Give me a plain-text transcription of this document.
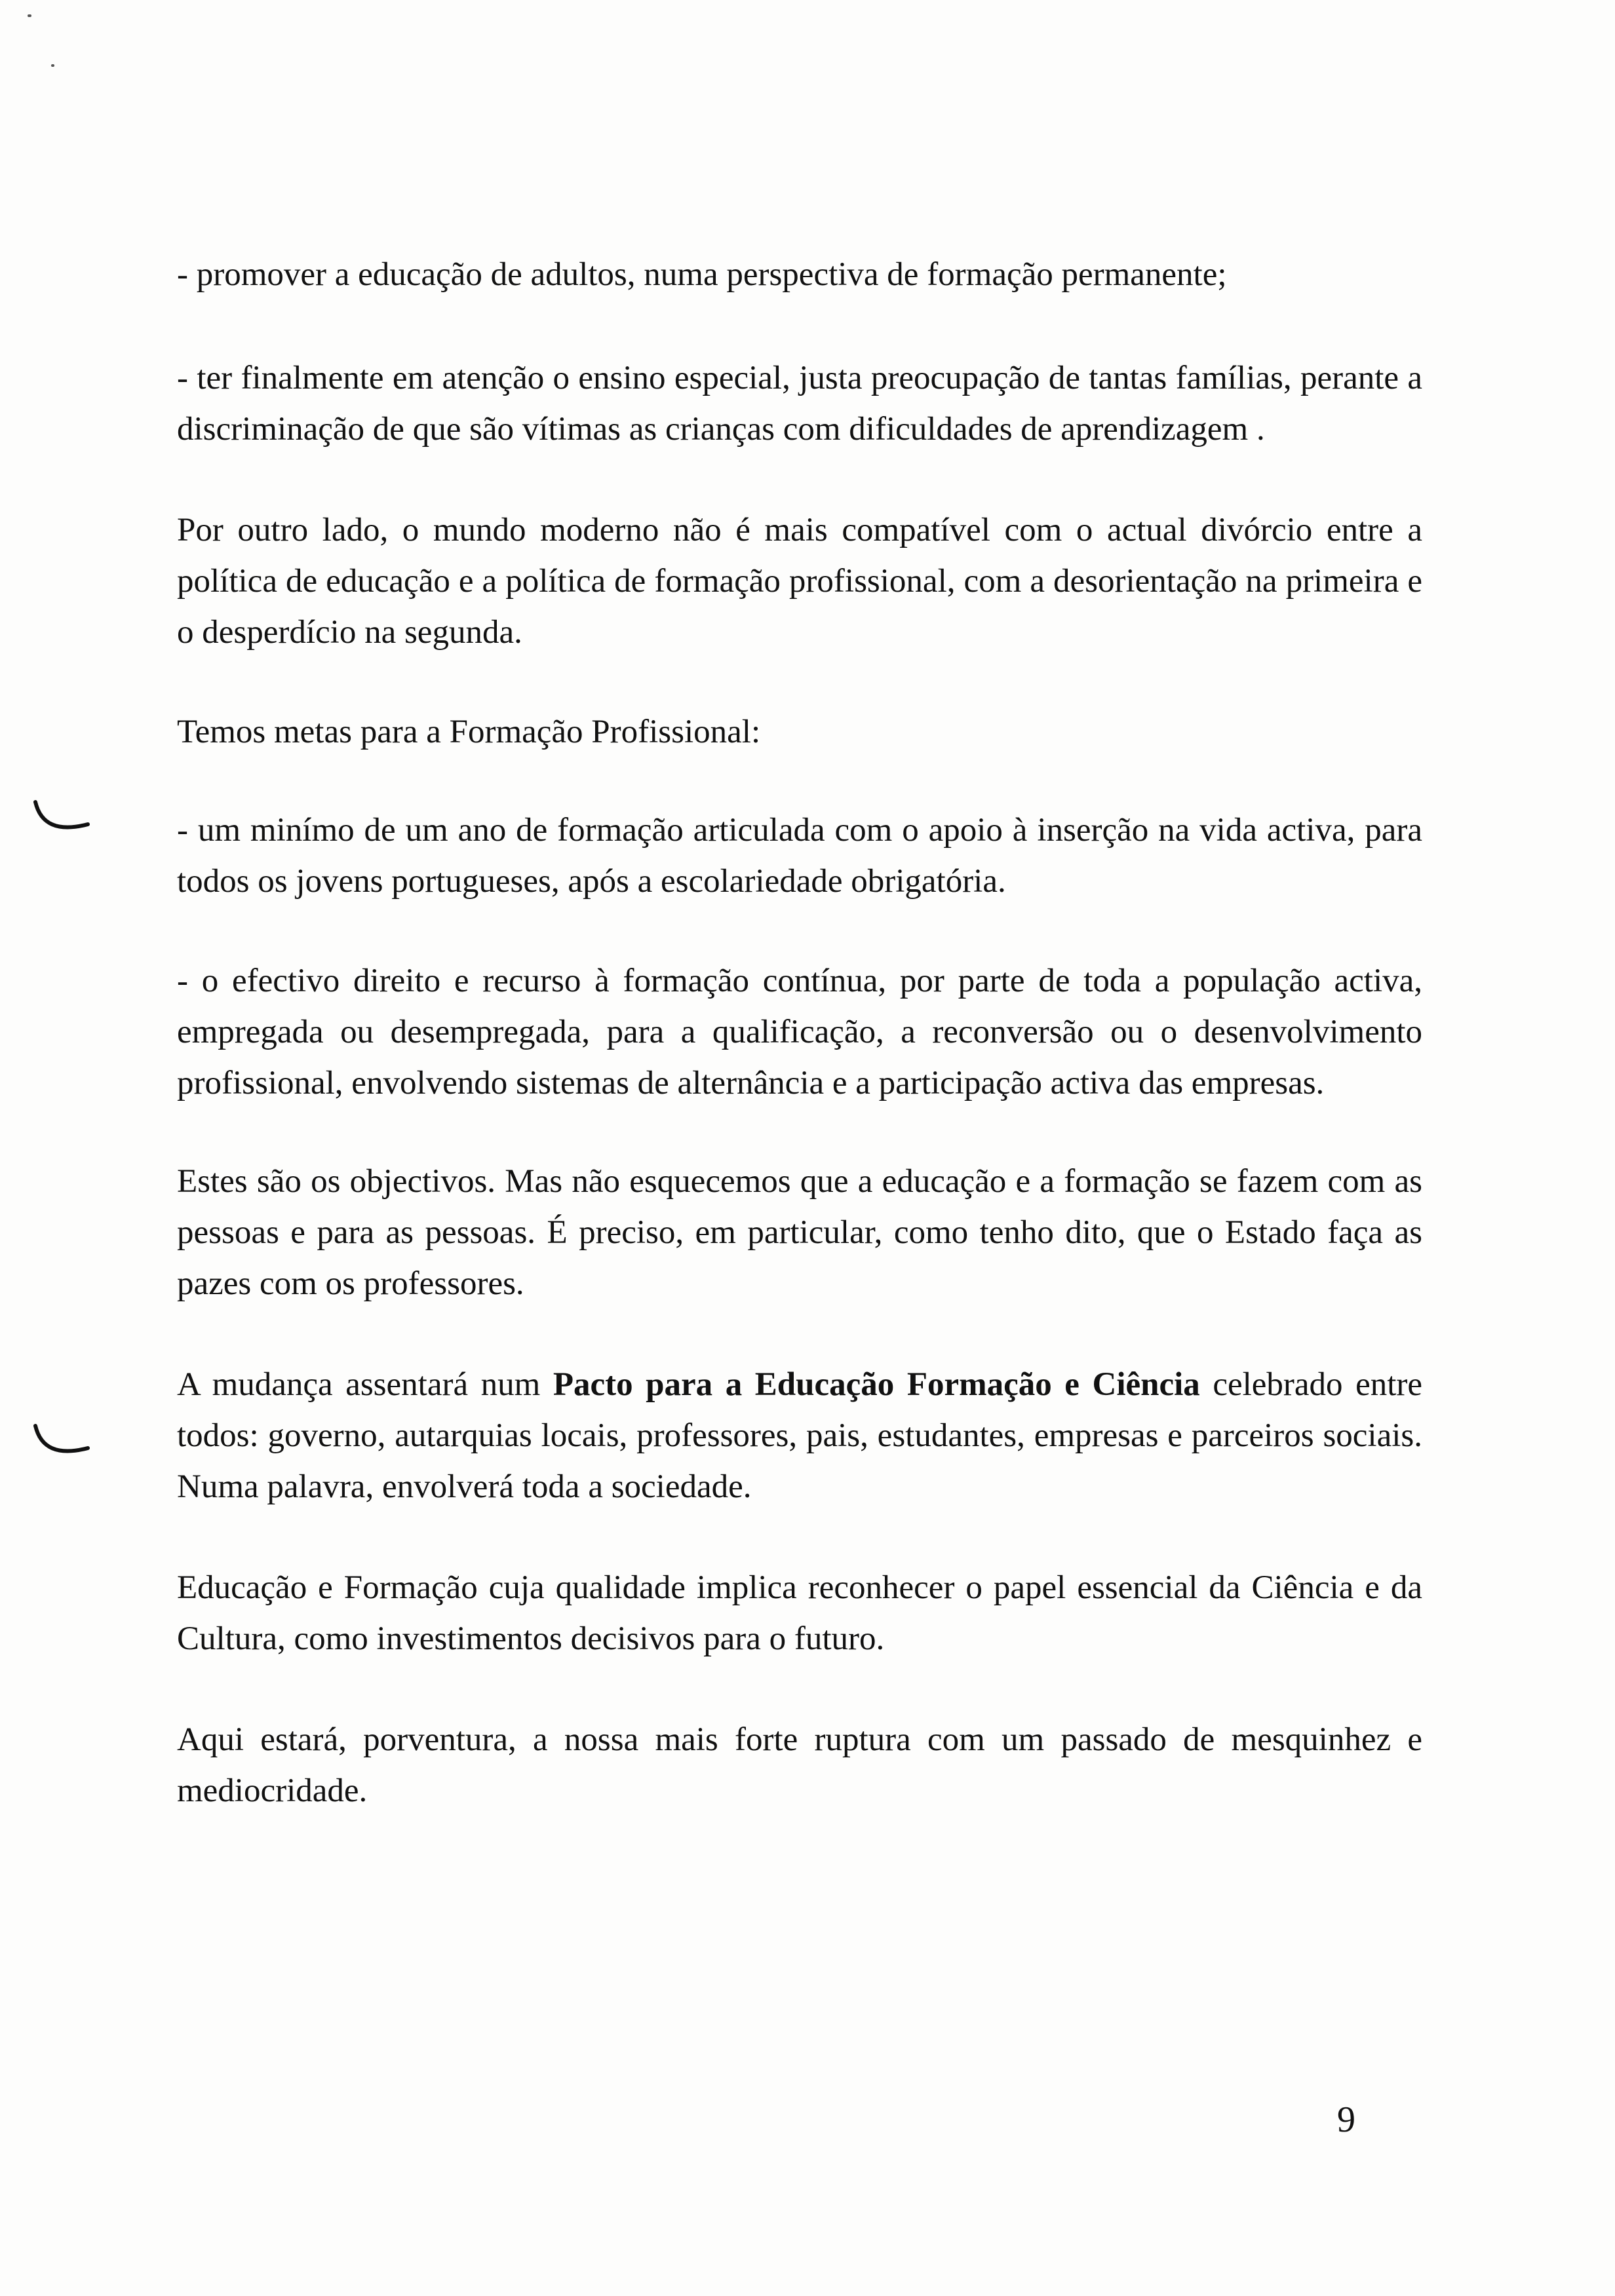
- promover a educação de adultos, numa perspectiva de formação permanente;

- ter finalmente em atenção o ensino especial, justa preocupação de tantas famílias, perante a discriminação de que são vítimas as crianças com dificuldades de aprendizagem .

Por outro lado, o mundo moderno não é mais compatível com o actual divórcio entre a política de educação e a política de formação profissional, com a desorientação na primeira e o desperdício na segunda.

Temos metas para a Formação Profissional:

- um minímo de um ano de formação articulada com o apoio à inserção na vida activa, para todos os jovens portugueses, após a escolariedade obrigatória.

- o efectivo direito e recurso à formação contínua, por parte de toda a população activa, empregada ou desempregada, para a qualificação, a reconversão ou o desenvolvimento profissional, envolvendo sistemas de alternância e a participação activa das empresas.

Estes são os objectivos. Mas não esquecemos que a educação e a formação se fazem com as pessoas e para as pessoas. É preciso, em particular, como tenho dito, que o Estado faça as pazes com os professores.

A mudança assentará num Pacto para a Educação Formação e Ciência celebrado entre todos: governo, autarquias locais, professores, pais, estudantes, empresas e parceiros sociais. Numa palavra, envolverá toda a sociedade.

Educação e Formação cuja qualidade implica reconhecer o papel essencial da Ciência e da Cultura, como investimentos decisivos para o futuro.

Aqui estará, porventura, a nossa mais forte ruptura com um passado de mesquinhez e mediocridade.

9
